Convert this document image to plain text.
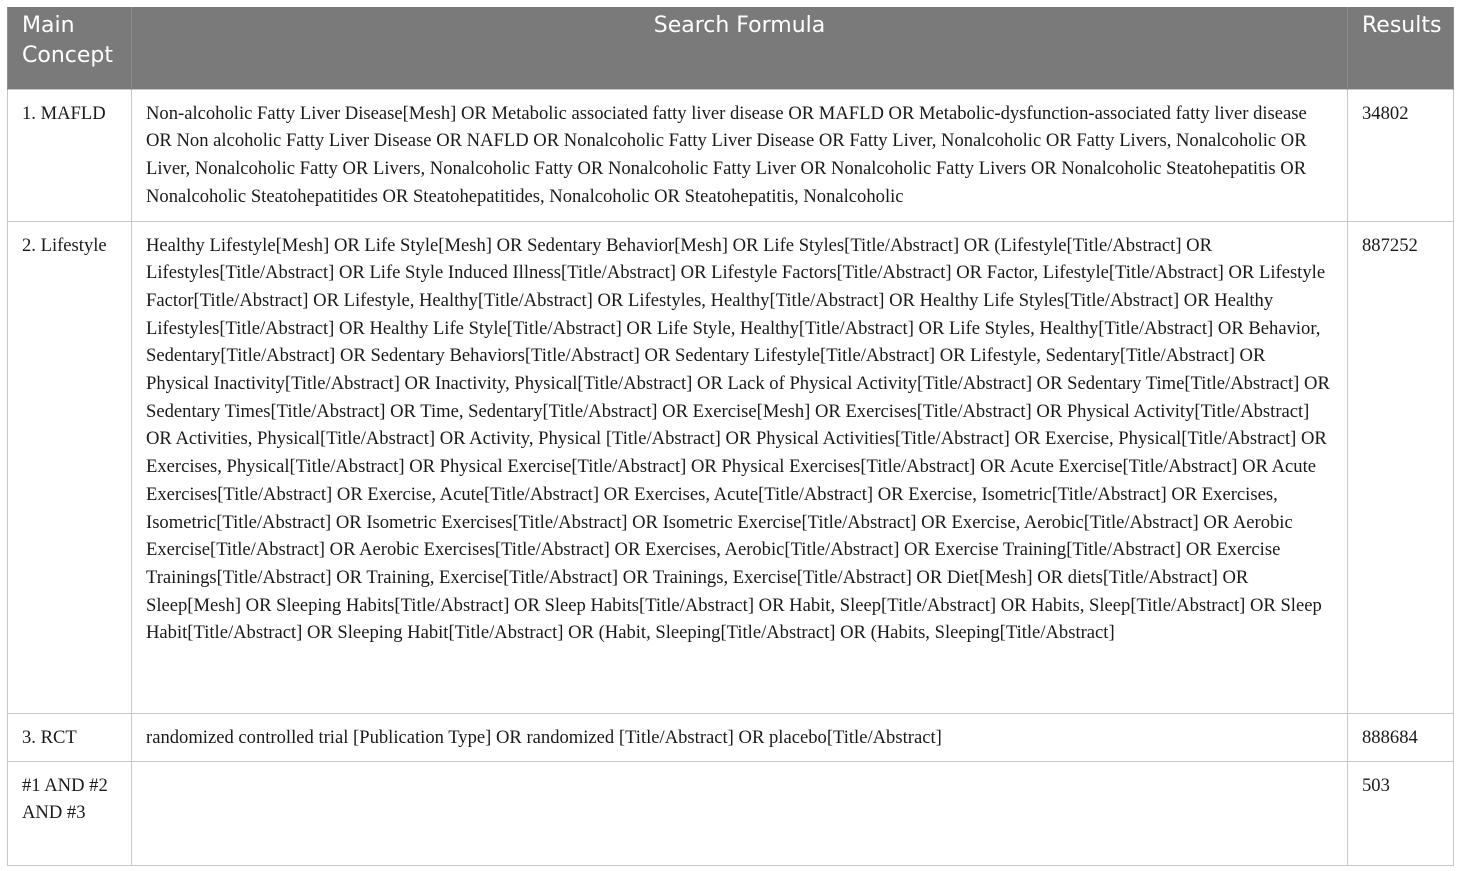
Main Concept	Search Formula	Results
1. MAFLD	Non-alcoholic Fatty Liver Disease[Mesh] OR Metabolic associated fatty liver disease OR MAFLD OR Metabolic-dysfunction-associated fatty liver disease OR Non alcoholic Fatty Liver Disease OR NAFLD OR Nonalcoholic Fatty Liver Disease OR Fatty Liver, Nonalcoholic OR Fatty Livers, Nonalcoholic OR Liver, Nonalcoholic Fatty OR Livers, Nonalcoholic Fatty OR Nonalcoholic Fatty Liver OR Nonalcoholic Fatty Livers OR Nonalcoholic Steatohepatitis OR Nonalcoholic Steatohepatitides OR Steatohepatitides, Nonalcoholic OR Steatohepatitis, Nonalcoholic	34802
2. Lifestyle	Healthy Lifestyle[Mesh] OR Life Style[Mesh] OR Sedentary Behavior[Mesh] OR Life Styles[Title/Abstract] OR (Lifestyle[Title/Abstract] OR Lifestyles[Title/Abstract] OR Life Style Induced Illness[Title/Abstract] OR Lifestyle Factors[Title/Abstract] OR Factor, Lifestyle[Title/Abstract] OR Lifestyle Factor[Title/Abstract] OR Lifestyle, Healthy[Title/Abstract] OR Lifestyles, Healthy[Title/Abstract] OR Healthy Life Styles[Title/Abstract] OR Healthy Lifestyles[Title/Abstract] OR Healthy Life Style[Title/Abstract] OR Life Style, Healthy[Title/Abstract] OR Life Styles, Healthy[Title/Abstract] OR Behavior, Sedentary[Title/Abstract] OR Sedentary Behaviors[Title/Abstract] OR Sedentary Lifestyle[Title/Abstract] OR Lifestyle, Sedentary[Title/Abstract] OR Physical Inactivity[Title/Abstract] OR Inactivity, Physical[Title/Abstract] OR Lack of Physical Activity[Title/Abstract] OR Sedentary Time[Title/Abstract] OR Sedentary Times[Title/Abstract] OR Time, Sedentary[Title/Abstract] OR Exercise[Mesh] OR Exercises[Title/Abstract] OR Physical Activity[Title/Abstract] OR Activities, Physical[Title/Abstract] OR Activity, Physical [Title/Abstract] OR Physical Activities[Title/Abstract] OR Exercise, Physical[Title/Abstract] OR Exercises, Physical[Title/Abstract] OR Physical Exercise[Title/Abstract] OR Physical Exercises[Title/Abstract] OR Acute Exercise[Title/Abstract] OR Acute Exercises[Title/Abstract] OR Exercise, Acute[Title/Abstract] OR Exercises, Acute[Title/Abstract] OR Exercise, Isometric[Title/Abstract] OR Exercises, Isometric[Title/Abstract] OR Isometric Exercises[Title/Abstract] OR Isometric Exercise[Title/Abstract] OR Exercise, Aerobic[Title/Abstract] OR Aerobic Exercise[Title/Abstract] OR Aerobic Exercises[Title/Abstract] OR Exercises, Aerobic[Title/Abstract] OR Exercise Training[Title/Abstract] OR Exercise Trainings[Title/Abstract] OR Training, Exercise[Title/Abstract] OR Trainings, Exercise[Title/Abstract] OR Diet[Mesh] OR diets[Title/Abstract] OR Sleep[Mesh] OR Sleeping Habits[Title/Abstract] OR Sleep Habits[Title/Abstract] OR Habit, Sleep[Title/Abstract] OR Habits, Sleep[Title/Abstract] OR Sleep Habit[Title/Abstract] OR Sleeping Habit[Title/Abstract] OR (Habit, Sleeping[Title/Abstract] OR (Habits, Sleeping[Title/Abstract]	887252
3. RCT	randomized controlled trial [Publication Type] OR randomized [Title/Abstract] OR placebo[Title/Abstract]	888684
#1 AND #2 AND #3		503
